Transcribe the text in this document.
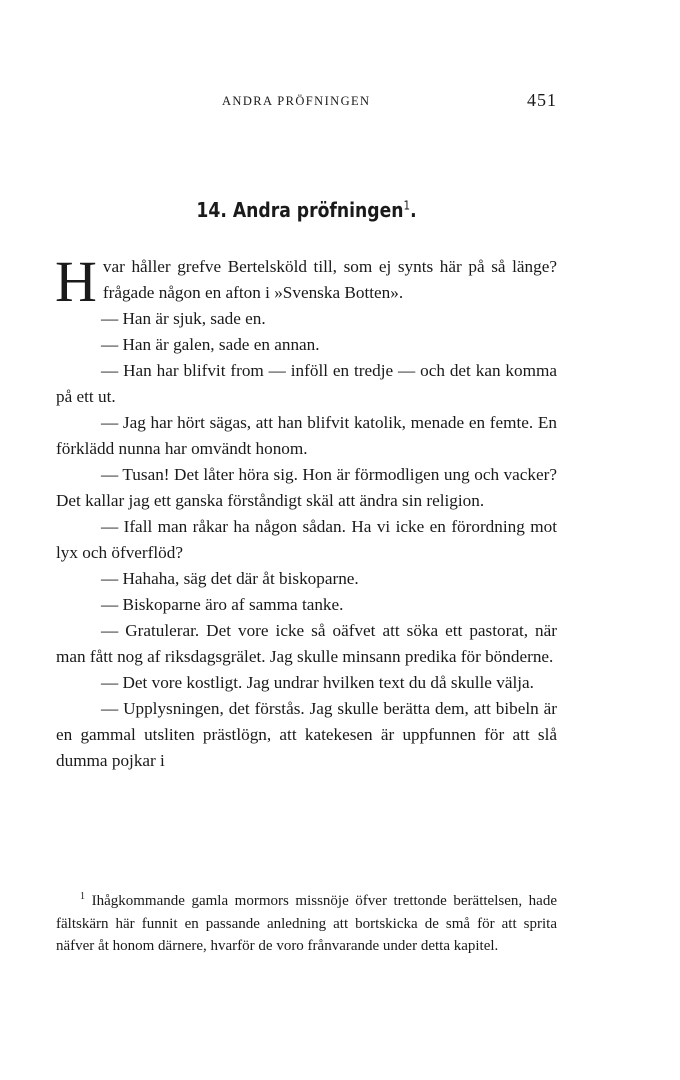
ANDRA PRÖFNINGEN	451
14. Andra pröfningen$^1$.

Hvar håller grefve Bertelsköld till, som ej synts här på så länge? frågade någon en afton i »Svenska Botten».

— Han är sjuk, sade en.

— Han är galen, sade en annan.

— Han har blifvit from — inföll en tredje — och det kan komma på ett ut.

— Jag har hört sägas, att han blifvit katolik, menade en femte. En förklädd nunna har omvändt honom.

— Tusan! Det låter höra sig. Hon är förmodligen ung och vacker? Det kallar jag ett ganska förståndigt skäl att ändra sin religion.

— Ifall man råkar ha någon sådan. Ha vi icke en förordning mot lyx och öfverflöd?

— Hahaha, säg det där åt biskoparne.

— Biskoparne äro af samma tanke.

— Gratulerar. Det vore icke så oäfvet att söka ett pastorat, när man fått nog af riksdagsgrälet. Jag skulle minsann predika för bönderne.

— Det vore kostligt. Jag undrar hvilken text du då skulle välja.

— Upplysningen, det förstås. Jag skulle berätta dem, att bibeln är en gammal utsliten prästlögn, att katekesen är uppfunnen för att slå dumma pojkar i

$^1$ Ihågkommande gamla mormors missnöje öfver trettonde berättelsen, hade fältskärn här funnit en passande anledning att bortskicka de små för att sprita näfver åt honom därnere, hvarför de voro frånvarande under detta kapitel.
